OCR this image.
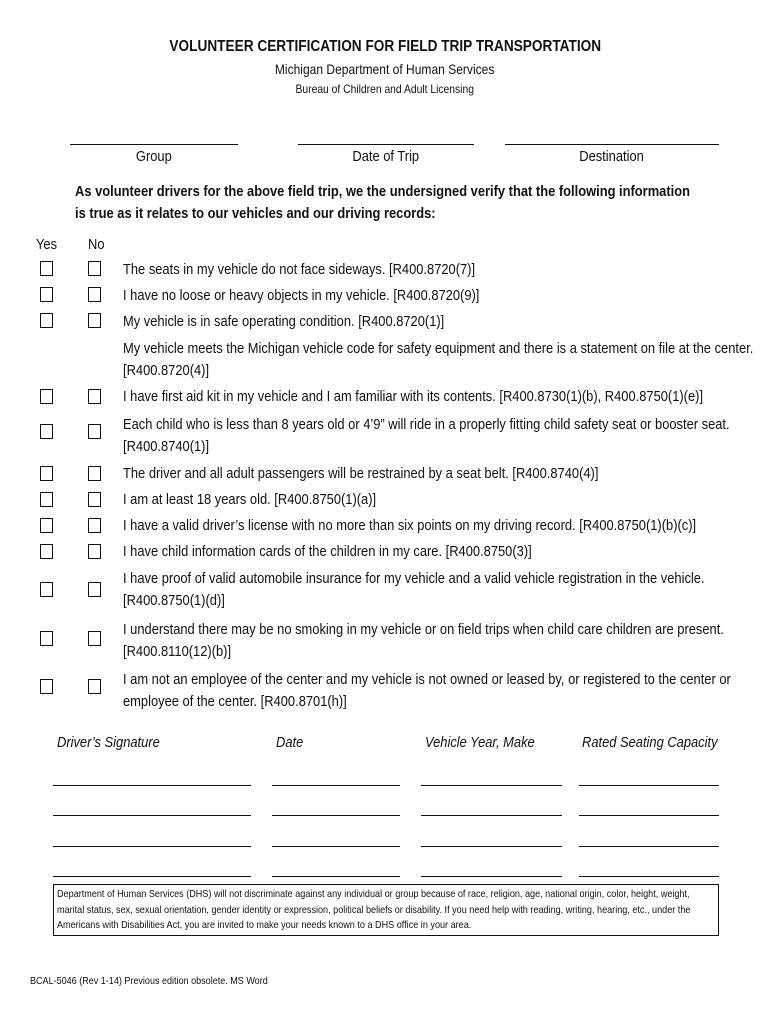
VOLUNTEER CERTIFICATION FOR FIELD TRIP TRANSPORTATION
Michigan Department of Human Services
Bureau of Children and Adult Licensing
Group	Date of Trip	Destination
As volunteer drivers for the above field trip, we the undersigned verify that the following information is true as it relates to our vehicles and our driving records:
Yes No
The seats in my vehicle do not face sideways. [R400.8720(7)]
I have no loose or heavy objects in my vehicle. [R400.8720(9)]
My vehicle is in safe operating condition. [R400.8720(1)]
My vehicle meets the Michigan vehicle code for safety equipment and there is a statement on file at the center.
[R400.8720(4)]
I have first aid kit in my vehicle and I am familiar with its contents. [R400.8730(1)(b), R400.8750(1)(e)]
Each child who is less than 8 years old or 4’9” will ride in a properly fitting child safety seat or booster seat.
[R400.8740(1)]
The driver and all adult passengers will be restrained by a seat belt. [R400.8740(4)]
I am at least 18 years old. [R400.8750(1)(a)]
I have a valid driver’s license with no more than six points on my driving record. [R400.8750(1)(b)(c)]
I have child information cards of the children in my care. [R400.8750(3)]
I have proof of valid automobile insurance for my vehicle and a valid vehicle registration in the vehicle.
[R400.8750(1)(d)]
I understand there may be no smoking in my vehicle or on field trips when child care children are present.
[R400.8110(12)(b)]
I am not an employee of the center and my vehicle is not owned or leased by, or registered to the center or
employee of the center. [R400.8701(h)]
Driver’s Signature	Date	Vehicle Year, Make	Rated Seating Capacity
Department of Human Services (DHS) will not discriminate against any individual or group because of race, religion, age, national origin, color, height, weight, marital status, sex, sexual orientation, gender identity or expression, political beliefs or disability. If you need help with reading, writing, hearing, etc., under the Americans with Disabilities Act, you are invited to make your needs known to a DHS office in your area.
BCAL-5046 (Rev 1-14) Previous edition obsolete. MS Word
